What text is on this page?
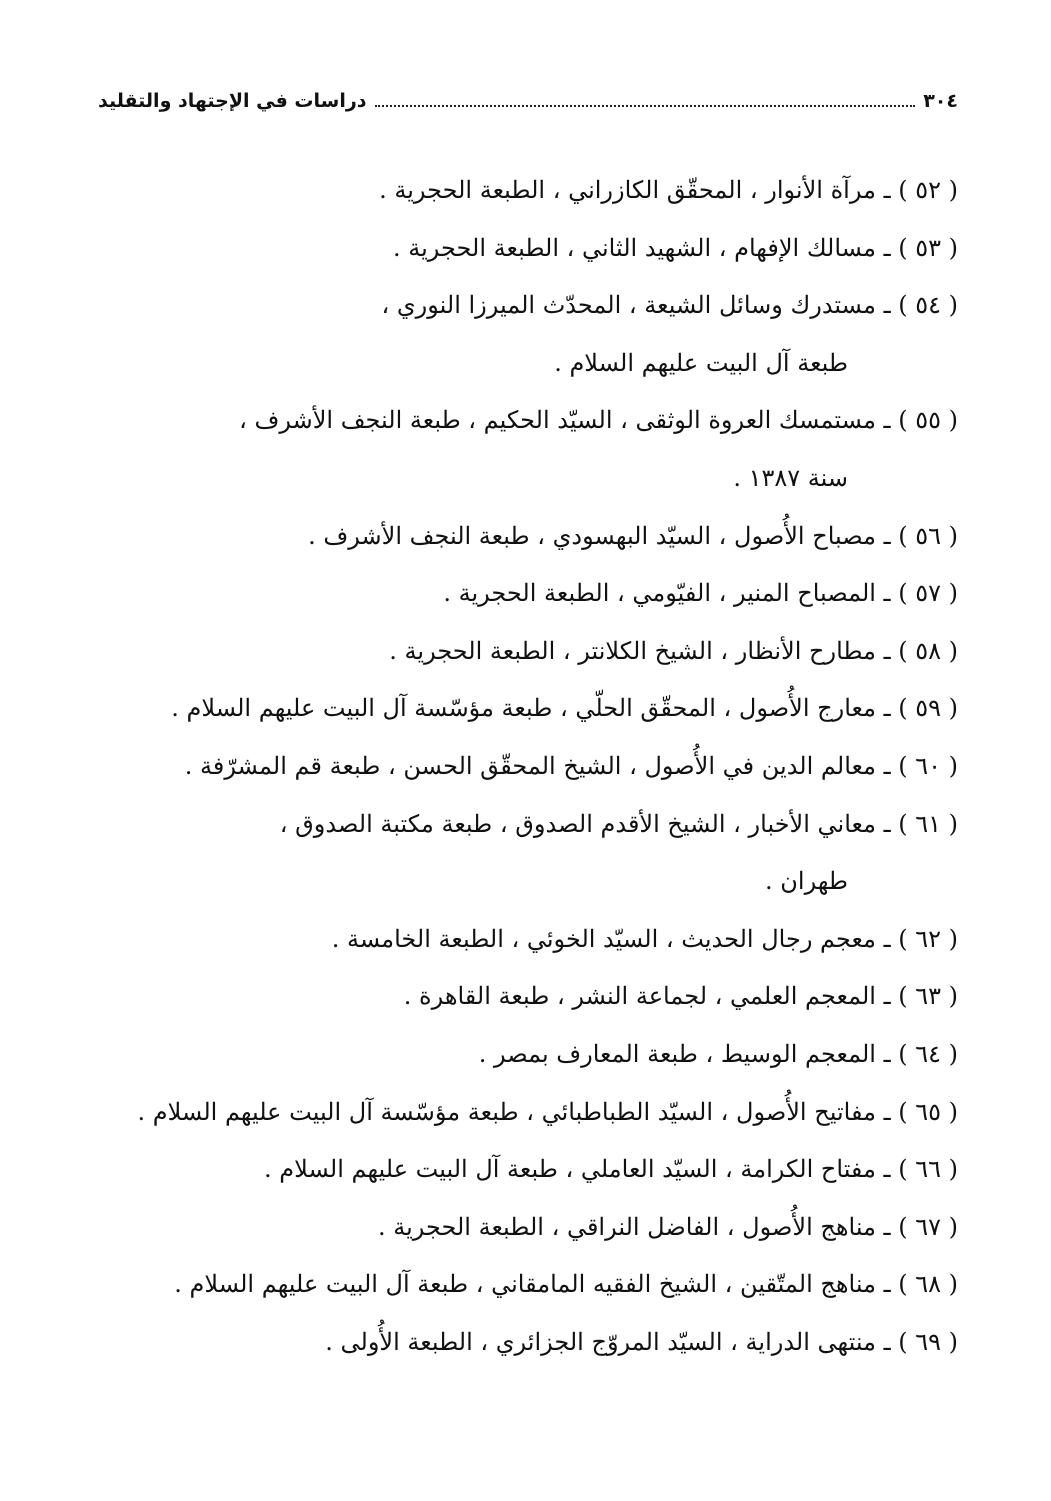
٣٠٤
دراسات في الإجتهاد والتقليد
( ٥٢ ) ـ مرآة الأنوار ، المحقّق الكازراني ، الطبعة الحجرية .
( ٥٣ ) ـ مسالك الإفهام ، الشهيد الثاني ، الطبعة الحجرية .
( ٥٤ ) ـ مستدرك وسائل الشيعة ، المحدّث الميرزا النوري ،
طبعة آل البيت عليهم السلام .
( ٥٥ ) ـ مستمسك العروة الوثقى ، السيّد الحكيم ، طبعة النجف الأشرف ،
سنة ١٣٨٧ .
( ٥٦ ) ـ مصباح الأُصول ، السيّد البهسودي ، طبعة النجف الأشرف .
( ٥٧ ) ـ المصباح المنير ، الفيّومي ، الطبعة الحجرية .
( ٥٨ ) ـ مطارح الأنظار ، الشيخ الكلانتر ، الطبعة الحجرية .
( ٥٩ ) ـ معارج الأُصول ، المحقّق الحلّي ، طبعة مؤسّسة آل البيت عليهم السلام .
( ٦٠ ) ـ معالم الدين في الأُصول ، الشيخ المحقّق الحسن ، طبعة قم المشرّفة .
( ٦١ ) ـ معاني الأخبار ، الشيخ الأقدم الصدوق ، طبعة مكتبة الصدوق ،
طهران .
( ٦٢ ) ـ معجم رجال الحديث ، السيّد الخوئي ، الطبعة الخامسة .
( ٦٣ ) ـ المعجم العلمي ، لجماعة النشر ، طبعة القاهرة .
( ٦٤ ) ـ المعجم الوسيط ، طبعة المعارف بمصر .
( ٦٥ ) ـ مفاتيح الأُصول ، السيّد الطباطبائي ، طبعة مؤسّسة آل البيت عليهم السلام .
( ٦٦ ) ـ مفتاح الكرامة ، السيّد العاملي ، طبعة آل البيت عليهم السلام .
( ٦٧ ) ـ مناهج الأُصول ، الفاضل النراقي ، الطبعة الحجرية .
( ٦٨ ) ـ مناهج المتّقين ، الشيخ الفقيه المامقاني ، طبعة آل البيت عليهم السلام .
( ٦٩ ) ـ منتهى الدراية ، السيّد المروّج الجزائري ، الطبعة الأُولى .
